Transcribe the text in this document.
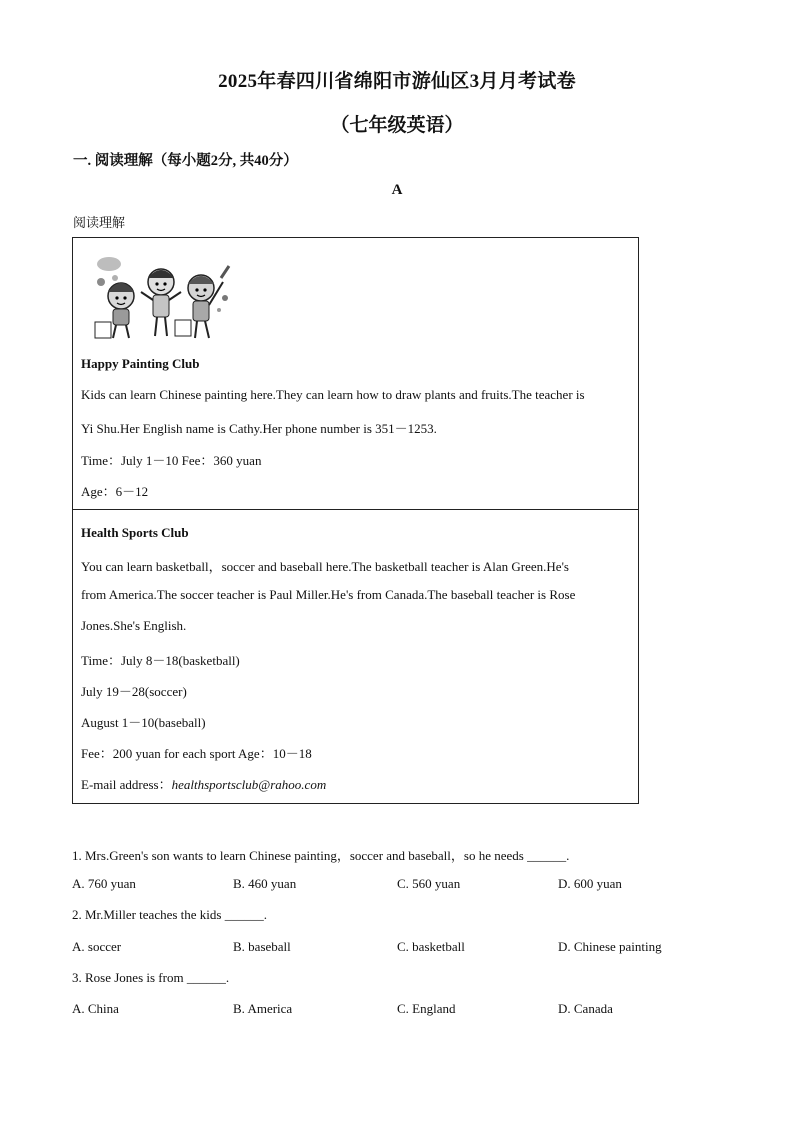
2025年春四川省绵阳市游仙区3月月考试卷
（七年级英语）
一. 阅读理解（每小题2分, 共40分）
A
阅读理解
Happy Painting Club
Kids can learn Chinese painting here.They can learn how to draw plants and fruits.The teacher is
Yi Shu.Her English name is Cathy.Her phone number is 351－1253.
Time：July 1－10 Fee：360 yuan
Age：6－12
Health Sports Club
You can learn basketball，soccer and baseball here.The basketball teacher is Alan Green.He's
from America.The soccer teacher is Paul Miller.He's from Canada.The baseball teacher is Rose
Jones.She's English.
Time：July 8－18(basketball)
July 19－28(soccer)
August 1－10(baseball)
Fee：200 yuan for each sport Age：10－18
E-mail address：healthsportsclub@rahoo.com
1. Mrs.Green's son wants to learn Chinese painting，soccer and baseball，so he needs ______.
A. 760 yuan	B. 460 yuan	C. 560 yuan	D. 600 yuan
2. Mr.Miller teaches the kids ______.
A. soccer	B. baseball	C. basketball	D. Chinese painting
3. Rose Jones is from ______.
A. China	B. America	C. England	D. Canada
